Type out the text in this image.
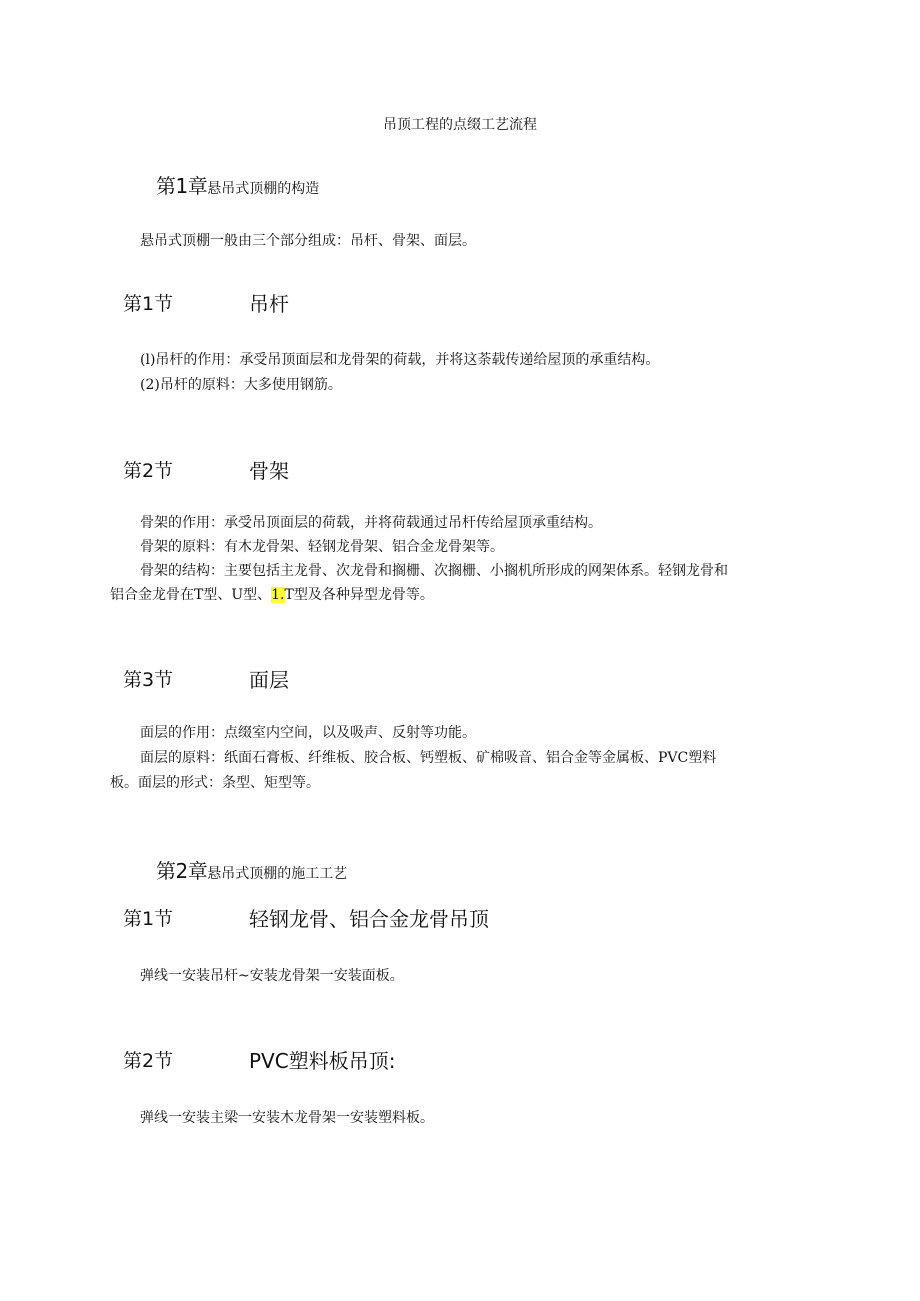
吊顶工程的点缀工艺流程
第1章悬吊式顶棚的构造
悬吊式顶棚一般由三个部分组成：吊杆、骨架、面层。
第1节	吊杆
(l)吊杆的作用：承受吊顶面层和龙骨架的荷载，并将这荼载传递给屋顶的承重结构。
(2)吊杆的原料：大多使用钢筋。
第2节	骨架
骨架的作用：承受吊顶面层的荷载，并将荷载通过吊杆传给屋顶承重结构。
骨架的原料：有木龙骨架、轻钢龙骨架、铝合金龙骨架等。
骨架的结构：主要包括主龙骨、次龙骨和搁栅、次搁栅、小搁机所形成的网架体系。轻钢龙骨和
铝合金龙骨在T型、U型、1.T型及各种异型龙骨等。
第3节	面层
面层的作用：点缀室内空间，以及吸声、反射等功能。
面层的原料：纸面石膏板、纤维板、胶合板、钙塑板、矿棉吸音、铝合金等金属板、PVC塑料
板。面层的形式：条型、矩型等。
第2章悬吊式顶棚的施工工艺
第1节	轻钢龙骨、铝合金龙骨吊顶
弹线一安装吊杆~安装龙骨架一安装面板。
第2节	PVC塑料板吊顶:
弹线一安装主梁一安装木龙骨架一安装塑料板。
